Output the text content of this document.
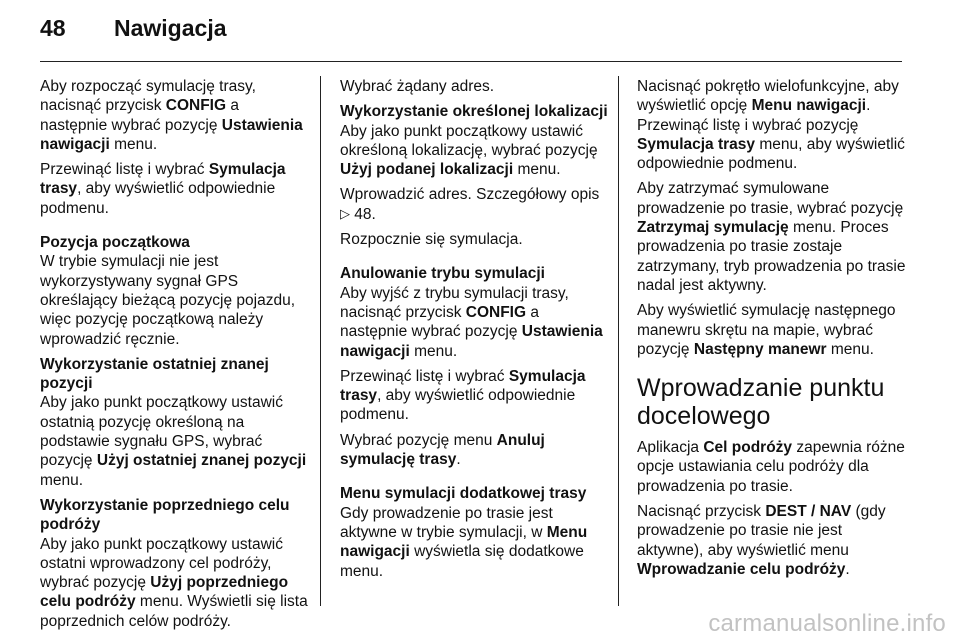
48 Nawigacja

Aby rozpocząć symulację trasy, nacisnąć przycisk CONFIG a następnie wybrać pozycję Ustawienia nawigacji menu.

Przewinąć listę i wybrać Symulacja trasy, aby wyświetlić odpowiednie podmenu.

Pozycja początkowa

W trybie symulacji nie jest wykorzystywany sygnał GPS określający bieżącą pozycję pojazdu, więc pozycję początkową należy wprowadzić ręcznie.

Wykorzystanie ostatniej znanej pozycji

Aby jako punkt początkowy ustawić ostatnią pozycję określoną na podstawie sygnału GPS, wybrać pozycję Użyj ostatniej znanej pozycji menu.

Wykorzystanie poprzedniego celu podróży

Aby jako punkt początkowy ustawić ostatni wprowadzony cel podróży, wybrać pozycję Użyj poprzedniego celu podróży menu. Wyświetli się lista poprzednich celów podróży.

Wybrać żądany adres.

Wykorzystanie określonej lokalizacji

Aby jako punkt początkowy ustawić określoną lokalizację, wybrać pozycję Użyj podanej lokalizacji menu.

Wprowadzić adres. Szczegółowy opis ▷ 48.

Rozpocznie się symulacja.

Anulowanie trybu symulacji

Aby wyjść z trybu symulacji trasy, nacisnąć przycisk CONFIG a następnie wybrać pozycję Ustawienia nawigacji menu.

Przewinąć listę i wybrać Symulacja trasy, aby wyświetlić odpowiednie podmenu.

Wybrać pozycję menu Anuluj symulację trasy.

Menu symulacji dodatkowej trasy

Gdy prowadzenie po trasie jest aktywne w trybie symulacji, w Menu nawigacji wyświetla się dodatkowe menu.

Nacisnąć pokrętło wielofunkcyjne, aby wyświetlić opcję Menu nawigacji. Przewinąć listę i wybrać pozycję Symulacja trasy menu, aby wyświetlić odpowiednie podmenu.

Aby zatrzymać symulowane prowadzenie po trasie, wybrać pozycję Zatrzymaj symulację menu. Proces prowadzenia po trasie zostaje zatrzymany, tryb prowadzenia po trasie nadal jest aktywny.

Aby wyświetlić symulację następnego manewru skrętu na mapie, wybrać pozycję Następny manewr menu.

Wprowadzanie punktu docelowego

Aplikacja Cel podróży zapewnia różne opcje ustawiania celu podróży dla prowadzenia po trasie.

Nacisnąć przycisk DEST / NAV (gdy prowadzenie po trasie nie jest aktywne), aby wyświetlić menu Wprowadzanie celu podróży.

carmanualsonline.info
